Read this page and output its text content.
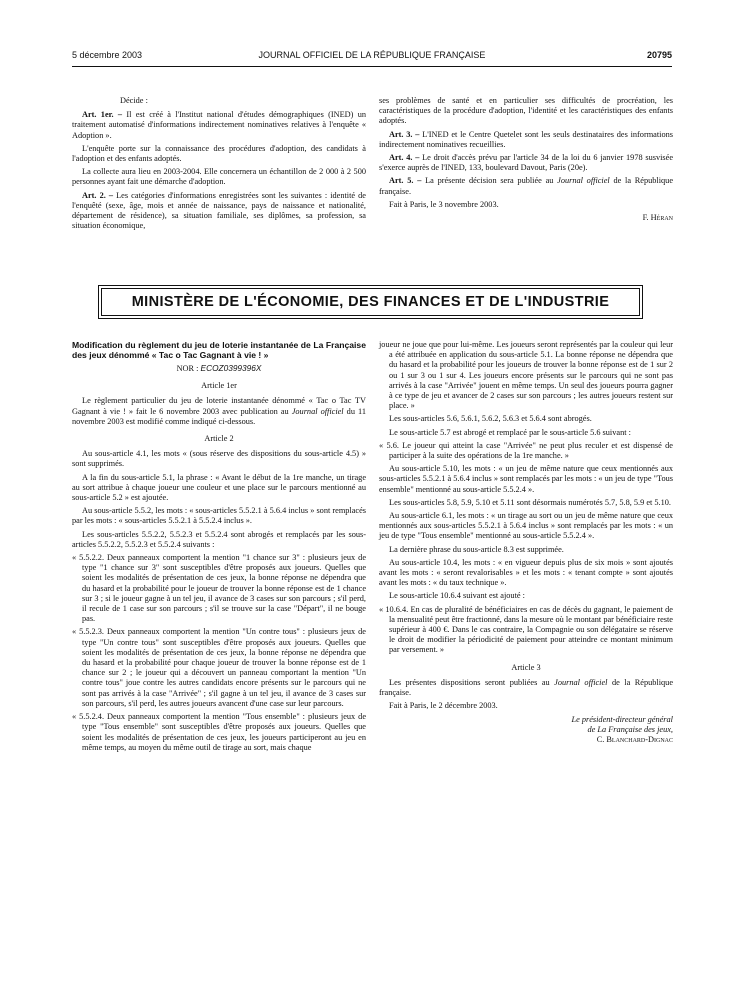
5 décembre 2003	JOURNAL OFFICIEL DE LA RÉPUBLIQUE FRANÇAISE	20795

Décide :

Art. 1er. – Il est créé à l'Institut national d'études démographiques (INED) un traitement automatisé d'informations indirectement nominatives relatives à l'enquête « Adoption ».

L'enquête porte sur la connaissance des procédures d'adoption, des candidats à l'adoption et des enfants adoptés.

La collecte aura lieu en 2003-2004. Elle concernera un échantillon de 2 000 à 2 500 personnes ayant fait une démarche d'adoption.

Art. 2. – Les catégories d'informations enregistrées sont les suivantes : identité de l'enquêté (sexe, âge, mois et année de naissance, pays de naissance et nationalité, département de résidence), sa situation familiale, ses diplômes, sa profession, sa situation économique,

ses problèmes de santé et en particulier ses difficultés de procréation, les caractéristiques de la procédure d'adoption, l'identité et les caractéristiques des enfants adoptés.

Art. 3. – L'INED et le Centre Quetelet sont les seuls destinataires des informations indirectement nominatives recueillies.

Art. 4. – Le droit d'accès prévu par l'article 34 de la loi du 6 janvier 1978 susvisée s'exerce auprès de l'INED, 133, boulevard Davout, Paris (20e).

Art. 5. – La présente décision sera publiée au Journal officiel de la République française.

Fait à Paris, le 3 novembre 2003.

F. Héran

MINISTÈRE DE L'ÉCONOMIE, DES FINANCES ET DE L'INDUSTRIE

Modification du règlement du jeu de loterie instantanée de La Française des jeux dénommé « Tac o Tac Gagnant à vie ! »

NOR : ECOZ0399396X

Article 1er

Le règlement particulier du jeu de loterie instantanée dénommé « Tac o Tac TV Gagnant à vie ! » fait le 6 novembre 2003 avec publication au Journal officiel du 11 novembre 2003 est modifié comme indiqué ci-dessous.

Article 2

Au sous-article 4.1, les mots « (sous réserve des dispositions du sous-article 4.5) » sont supprimés.

A la fin du sous-article 5.1, la phrase : « Avant le début de la 1re manche, un tirage au sort attribue à chaque joueur une couleur et une place sur le parcours mentionné au sous-article 5.2 » est ajoutée.

Au sous-article 5.5.2, les mots : « sous-articles 5.5.2.1 à 5.6.4 inclus » sont remplacés par les mots : « sous-articles 5.5.2.1 à 5.5.2.4 inclus ».

Les sous-articles 5.5.2.2, 5.5.2.3 et 5.5.2.4 sont abrogés et remplacés par les sous-articles 5.5.2.2, 5.5.2.3 et 5.5.2.4 suivants :

« 5.5.2.2. Deux panneaux comportent la mention "1 chance sur 3" : plusieurs jeux de type "1 chance sur 3" sont susceptibles d'être proposés aux joueurs. Quelles que soient les modalités de présentation de ces jeux, la bonne réponse ne dépendra que du hasard et la probabilité pour le joueur de trouver la bonne réponse est de 1 chance sur 3 ; si le joueur gagne à un tel jeu, il avance de 3 cases sur son parcours ; s'il perd, il recule de 1 case sur son parcours ; s'il se trouve sur la case "Départ", il ne bouge pas.

« 5.5.2.3. Deux panneaux comportent la mention "Un contre tous" : plusieurs jeux de type "Un contre tous" sont susceptibles d'être proposés aux joueurs. Quelles que soient les modalités de présentation de ces jeux, la bonne réponse ne dépendra que du hasard et la probabilité pour chaque joueur de trouver la bonne réponse est de 1 chance sur 2 ; le joueur qui a découvert un panneau comportant la mention "Un contre tous" joue contre les autres candidats encore présents sur le parcours qui ne sont pas arrivés à la case "Arrivée" ; s'il gagne à un tel jeu, il avance de 3 cases sur son parcours, s'il perd, les autres joueurs avancent d'une case sur leur parcours.

« 5.5.2.4. Deux panneaux comportent la mention "Tous ensemble" : plusieurs jeux de type "Tous ensemble" sont susceptibles d'être proposés aux joueurs. Quelles que soient les modalités de présentation de ces jeux, les joueurs participeront au jeu en même temps, au moyen du même outil de tirage au sort, mais chaque

joueur ne joue que pour lui-même. Les joueurs seront représentés par la couleur qui leur a été attribuée en application du sous-article 5.1. La bonne réponse ne dépendra que du hasard et la probabilité pour les joueurs de trouver la bonne réponse est de 1 sur 2 ou 1 sur 3 ou 1 sur 4. Les joueurs encore présents sur le parcours qui ne sont pas arrivés à la case "Arrivée" jouent en même temps. Un seul des joueurs pourra gagner à ce type de jeu et avancer de 2 cases sur son parcours ; les autres joueurs restent sur place. »

Les sous-articles 5.6, 5.6.1, 5.6.2, 5.6.3 et 5.6.4 sont abrogés.

Le sous-article 5.7 est abrogé et remplacé par le sous-article 5.6 suivant :

« 5.6. Le joueur qui atteint la case "Arrivée" ne peut plus reculer et est dispensé de participer à la suite des opérations de la 1re manche. »

Au sous-article 5.10, les mots : « un jeu de même nature que ceux mentionnés aux sous-articles 5.5.2.1 à 5.6.4 inclus » sont remplacés par les mots : « un jeu de type "Tous ensemble" mentionné au sous-article 5.5.2.4 ».

Les sous-articles 5.8, 5.9, 5.10 et 5.11 sont désormais numérotés 5.7, 5.8, 5.9 et 5.10.

Au sous-article 6.1, les mots : « un tirage au sort ou un jeu de même nature que ceux mentionnés aux sous-articles 5.5.2.1 à 5.6.4 inclus » sont remplacés par les mots : « un jeu de type "Tous ensemble" mentionné au sous-article 5.5.2.4 ».

La dernière phrase du sous-article 8.3 est supprimée.

Au sous-article 10.4, les mots : « en vigueur depuis plus de six mois » sont ajoutés avant les mots : « seront revalorisables » et les mots : « tenant compte » sont ajoutés avant les mots : « du taux technique ».

Le sous-article 10.6.4 suivant est ajouté :

« 10.6.4. En cas de pluralité de bénéficiaires en cas de décès du gagnant, le paiement de la mensualité peut être fractionné, dans la mesure où le montant par bénéficiaire reste supérieur à 400 €. Dans le cas contraire, la Compagnie ou son délégataire se réserve le droit de modifier la périodicité de paiement pour atteindre ce montant minimum par versement. »

Article 3

Les présentes dispositions seront publiées au Journal officiel de la République française.

Fait à Paris, le 2 décembre 2003.

Le président-directeur général

de La Française des jeux,

C. Blanchard-Dignac
